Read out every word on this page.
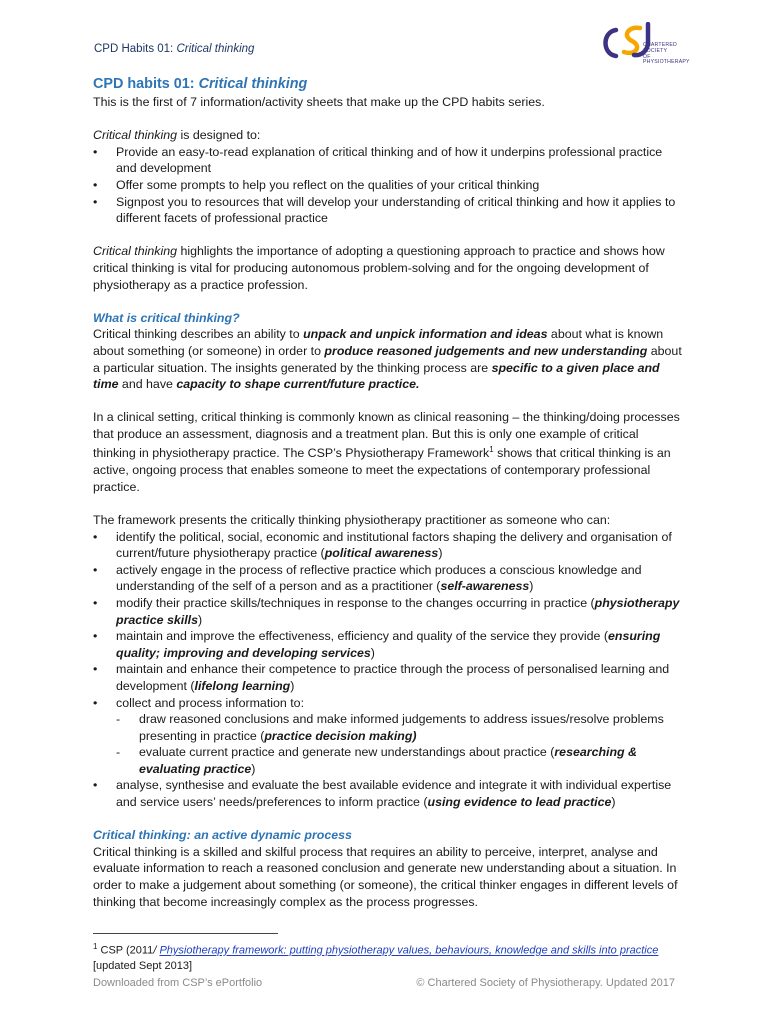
CPD Habits 01: Critical thinking	CHARTERED
SOCIETY
OF
PHYSIOTHERAPY
CPD habits 01: Critical thinking

This is the first of 7 information/activity sheets that make up the CPD habits series.

Critical thinking is designed to:

• Provide an easy-to-read explanation of critical thinking and of how it underpins professional practice and development
• Offer some prompts to help you reflect on the qualities of your critical thinking
• Signpost you to resources that will develop your understanding of critical thinking and how it applies to different facets of professional practice

Critical thinking highlights the importance of adopting a questioning approach to practice and shows how critical thinking is vital for producing autonomous problem-solving and for the ongoing development of physiotherapy as a practice profession.

What is critical thinking?

Critical thinking describes an ability to unpack and unpick information and ideas about what is known about something (or someone) in order to produce reasoned judgements and new understanding about a particular situation. The insights generated by the thinking process are specific to a given place and time and have capacity to shape current/future practice.

In a clinical setting, critical thinking is commonly known as clinical reasoning – the thinking/doing processes that produce an assessment, diagnosis and a treatment plan. But this is only one example of critical thinking in physiotherapy practice. The CSP’s Physiotherapy Framework$^1$ shows that critical thinking is an active, ongoing process that enables someone to meet the expectations of contemporary professional practice.

The framework presents the critically thinking physiotherapy practitioner as someone who can:

• identify the political, social, economic and institutional factors shaping the delivery and organisation of current/future physiotherapy practice (political awareness)
• actively engage in the process of reflective practice which produces a conscious knowledge and understanding of the self of a person and as a practitioner (self-awareness)
• modify their practice skills/techniques in response to the changes occurring in practice (physiotherapy practice skills)
• maintain and improve the effectiveness, efficiency and quality of the service they provide (ensuring quality; improving and developing services)
• maintain and enhance their competence to practice through the process of personalised learning and development (lifelong learning)
• collect and process information to:
- draw reasoned conclusions and make informed judgements to address issues/resolve problems presenting in practice (practice decision making)
- evaluate current practice and generate new understandings about practice (researching & evaluating practice)
• analyse, synthesise and evaluate the best available evidence and integrate it with individual expertise and service users’ needs/preferences to inform practice (using evidence to lead practice)

Critical thinking: an active dynamic process

Critical thinking is a skilled and skilful process that requires an ability to perceive, interpret, analyse and evaluate information to reach a reasoned conclusion and generate new understanding about a situation. In order to make a judgement about something (or someone), the critical thinker engages in different levels of thinking that become increasingly complex as the process progresses.

$^1$ CSP (2011/ Physiotherapy framework: putting physiotherapy values, behaviours, knowledge and skills into practice [updated Sept 2013]
Downloaded from CSP’s ePortfolio	© Chartered Society of Physiotherapy. Updated 2017
